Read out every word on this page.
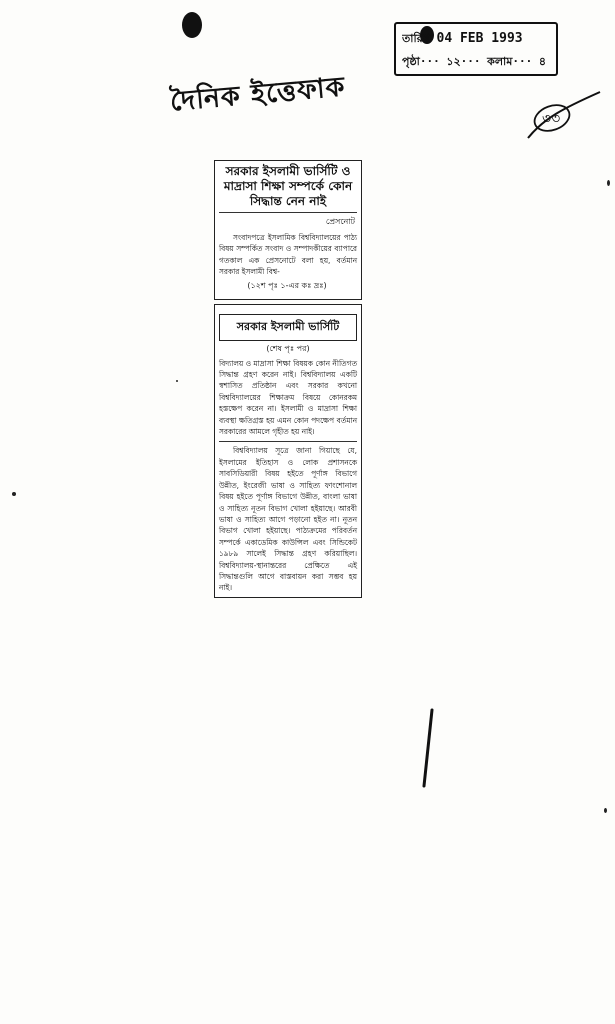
তারিখ 04 FEB 1993
পৃষ্ঠা··· ১২··· কলাম··· ৪
দৈনিক ইত্তেফাক
৩৩
সরকার ইসলামী ভার্সিটি ও মাদ্রাসা শিক্ষা সম্পর্কে কোন সিদ্ধান্ত নেন নাই
প্রেসনোট

সংবাদপত্রে ইসলামিক বিশ্ববিদ্যালয়ের পাঠ্য বিষয় সম্পর্কিত সংবাদ ও সম্পাদকীয়ের ব্যাপারে গতকাল এক প্রেসনোটে বলা হয়, বর্তমান সরকার ইসলামী বিশ্ব-

(১২শ পৃঃ ১-এর কঃ দ্রঃ)
সরকার ইসলামী ভার্সিটি
(শেষ পৃঃ পর)

বিদ্যালয় ও মাদ্রাসা শিক্ষা বিষয়ক কোন নীতিগত সিদ্ধান্ত গ্রহণ করেন নাই। বিশ্ববিদ্যালয় একটি স্বশাসিত প্রতিষ্ঠান এবং সরকার কখনো বিশ্ববিদ্যালয়ের শিক্ষাক্রম বিষয়ে কোনরকম হস্তক্ষেপ করেন না। ইসলামী ও মাদ্রাসা শিক্ষা ব্যবস্থা ক্ষতিগ্রস্ত হয় এমন কোন পদক্ষেপ বর্তমান সরকারের আমলে গৃহীত হয় নাই।

বিশ্ববিদ্যালয় সূত্রে জানা গিয়াছে যে, ইসলামের ইতিহাস ও লোক প্রশাসনকে সাবসিডিয়ারী বিষয় হইতে পূর্ণাঙ্গ বিভাগে উন্নীত, ইংরেজী ভাষা ও সাহিত্য ফাংশোনাল বিষয় হইতে পূর্ণাঙ্গ বিভাগে উন্নীত, বাংলা ভাষা ও সাহিত্য নূতন বিভাগ খোলা হইয়াছে। আরবী ভাষা ও সাহিত্য আগে পড়ানো হইত না। নূতন বিভাগ খোলা হইয়াছে। পাঠ্যক্রমের পরিবর্তন সম্পর্কে একাডেমিক কাউন্সিল এবং সিন্ডিকেট ১৯৮৯ সালেই সিদ্ধান্ত গ্রহণ করিয়াছিল। বিশ্ববিদ্যালয়-স্থানান্তরের প্রেক্ষিতে এই সিদ্ধান্তগুলি আগে বাস্তবায়ন করা সম্ভব হয় নাই।
